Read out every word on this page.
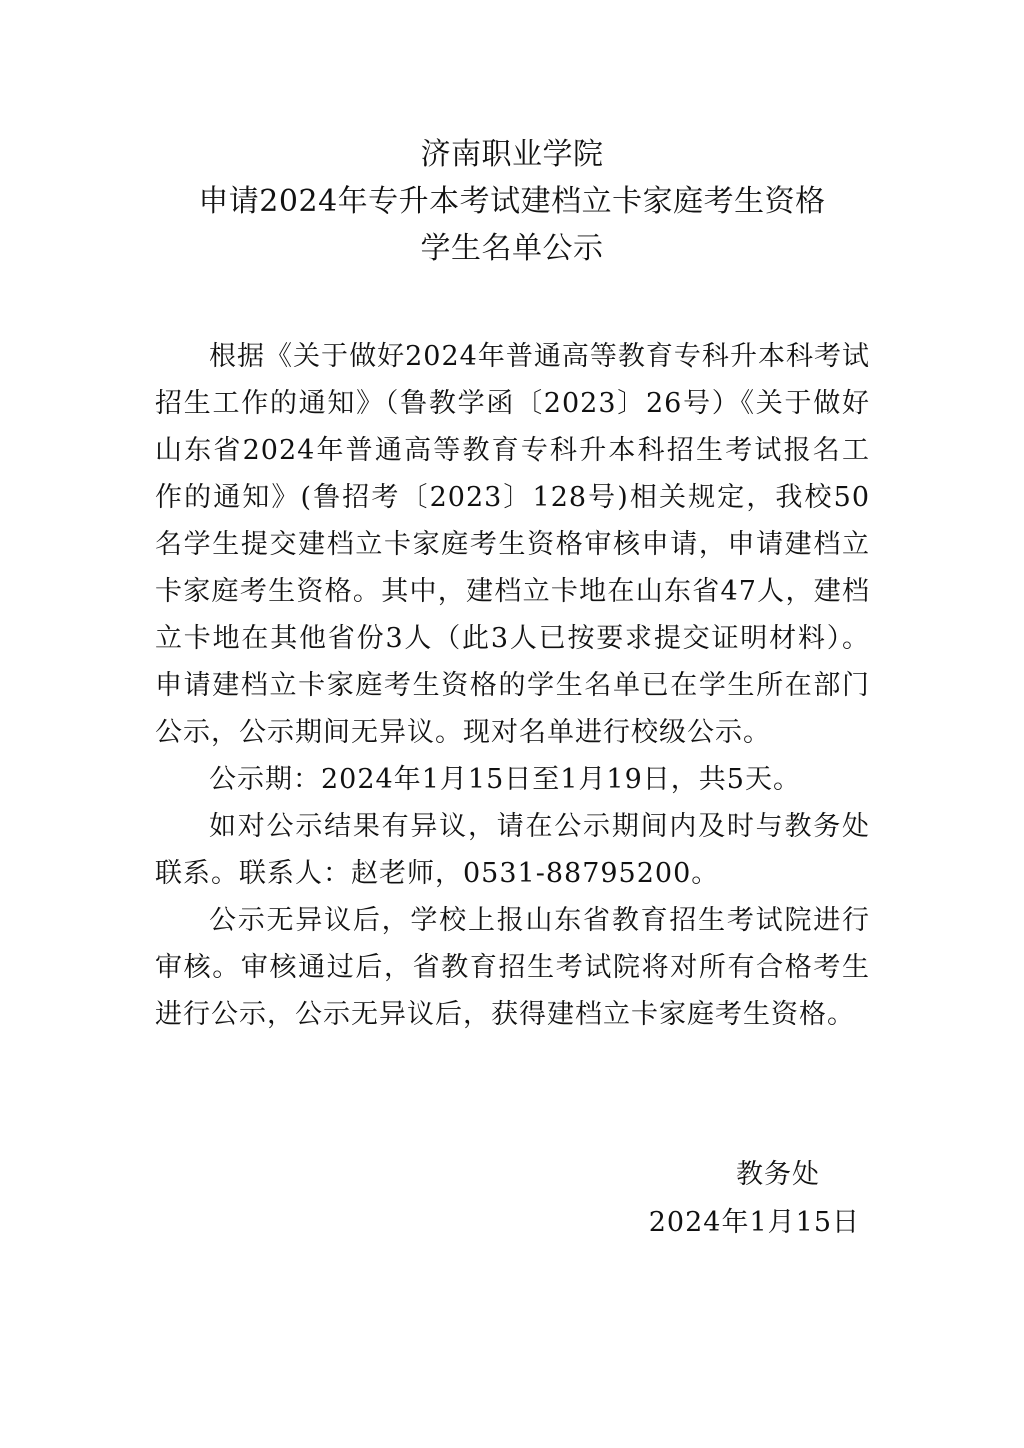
济南职业学院
申请2024年专升本考试建档立卡家庭考生资格
学生名单公示

根据《关于做好2024年普通高等教育专科升本科考试招生工作的通知》（鲁教学函〔2023〕26号）《关于做好山东省2024年普通高等教育专科升本科招生考试报名工作的通知》(鲁招考〔2023〕128号)相关规定，我校50名学生提交建档立卡家庭考生资格审核申请，申请建档立卡家庭考生资格。其中，建档立卡地在山东省47人，建档立卡地在其他省份3人（此3人已按要求提交证明材料）。申请建档立卡家庭考生资格的学生名单已在学生所在部门公示，公示期间无异议。现对名单进行校级公示。

公示期：2024年1月15日至1月19日，共5天。

如对公示结果有异议，请在公示期间内及时与教务处联系。联系人：赵老师，0531-88795200。

公示无异议后，学校上报山东省教育招生考试院进行审核。审核通过后，省教育招生考试院将对所有合格考生进行公示，公示无异议后，获得建档立卡家庭考生资格。

教务处
2024年1月15日
